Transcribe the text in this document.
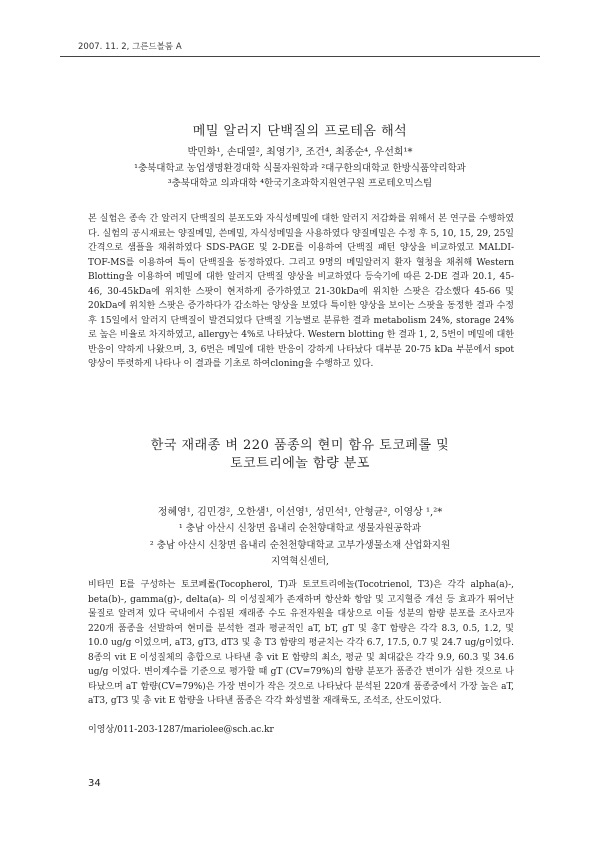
2007. 11. 2, 그른드볼룸 A
메밀 알러지 단백질의 프로테옴 해석
박민화¹, 손대열², 최영기³, 조건⁴, 최종순⁴, 우선희¹*
¹충북대학교 농업생명환경대학 식물자원학과 ²대구한의대학교 한방식품약리학과
³충북대학교 의과대학 ⁴한국기초과학지원연구원 프로테오믹스팀

본 실험은 종속 간 알러지 단백질의 분포도와 자식성메밀에 대한 알러지 저감화를 위해서 본 연구를 수행하였다. 실험의 공시재료는 양질메밀, 쓴메밀, 자식성메밀을 사용하였다 양질메밀은 수정 후 5, 10, 15, 29, 25일 간격으로 샘플을 채취하였다 SDS-PAGE 및 2-DE를 이용하여 단백질 패턴 양상을 비교하였고 MALDI-TOF-MS를 이용하여 특이 단백질을 동정하였다. 그리고 9명의 메밀알러지 환자 혈청을 채취해 Western Blotting을 이용하여 메밀에 대한 알러지 단백질 양상을 비교하였다 등숙기에 따른 2-DE 결과 20.1, 45-46, 30-45kDa에 위치한 스팟이 현저하게 증가하였고 21-30kDa에 위치한 스팟은 감소했다 45-66 및 20kDa에 위치한 스팟은 증가하다가 감소하는 양상을 보였다 특이한 양상을 보이는 스팟을 동정한 결과 수정 후 15일에서 알러지 단백질이 발견되었다 단백질 기능별로 분류한 결과 metabolism 24%, storage 24%로 높은 비율로 차지하였고, allergy는 4%로 나타났다. Western blotting 한 결과 1, 2, 5번이 메밀에 대한 반응이 약하게 나왔으며, 3, 6번은 메밀에 대한 반응이 강하게 나타났다 대부분 20-75 kDa 부분에서 spot 양상이 뚜렷하게 나타나 이 결과를 기초로 하여cloning을 수행하고 있다.

한국 재래종 벼 220 품종의 현미 함유 토코페롤 및
토코트리에놀 함량 분포
정혜영¹, 김민경², 오한샘¹, 이선영¹, 성민석¹, 안형균², 이영상 ¹,²*
¹ 충남 아산시 신창면 읍내리 순천향대학교 생물자원공학과
² 충남 아산시 신창면 읍내리 순천천향대학교 고부가생물소재 산업화지원
지역혁신센터,

비타민 E를 구성하는 토코페롤(Tocopherol, T)과 토코트리에놀(Tocotrienol, T3)은 각각 alpha(a)-, beta(b)-, gamma(g)-, delta(a)- 의 이성질체가 존재하며 항산화 항암 및 고지혈증 개선 등 효과가 뛰어난 물질로 알려져 있다 국내에서 수집된 재래종 수도 유전자원을 대상으로 이들 성분의 함량 분포를 조사코자220개 품종을 선발하여 현미를 분석한 결과 평균적인 aT, bT, gT 및 총T 함량은 각각 8.3, 0.5, 1.2, 및 10.0 ug/g 이었으며, aT3, gT3, dT3 및 총 T3 함량의 평균치는 각각 6.7, 17.5, 0.7 및 24.7 ug/g이었다. 8종의 vit E 이성질체의 총합으로 나타낸 총 vit E 함량의 최소, 평균 및 최대값은 각각 9.9, 60.3 및 34.6 ug/g 이었다. 변이계수를 기준으로 평가할 때 gT (CV=79%)의 함량 분포가 품종간 변이가 심한 것으로 나타났으며 aT 함량(CV=79%)은 가장 변이가 작은 것으로 나타났다 분석된 220개 품종중에서 가장 높은 aT, aT3, gT3 및 총 vit E 함량을 나타낸 품종은 각각 화성벌찰 재래륙도, 조석조, 산도이었다.

이영상/011-203-1287/mariolee@sch.ac.kr
34
